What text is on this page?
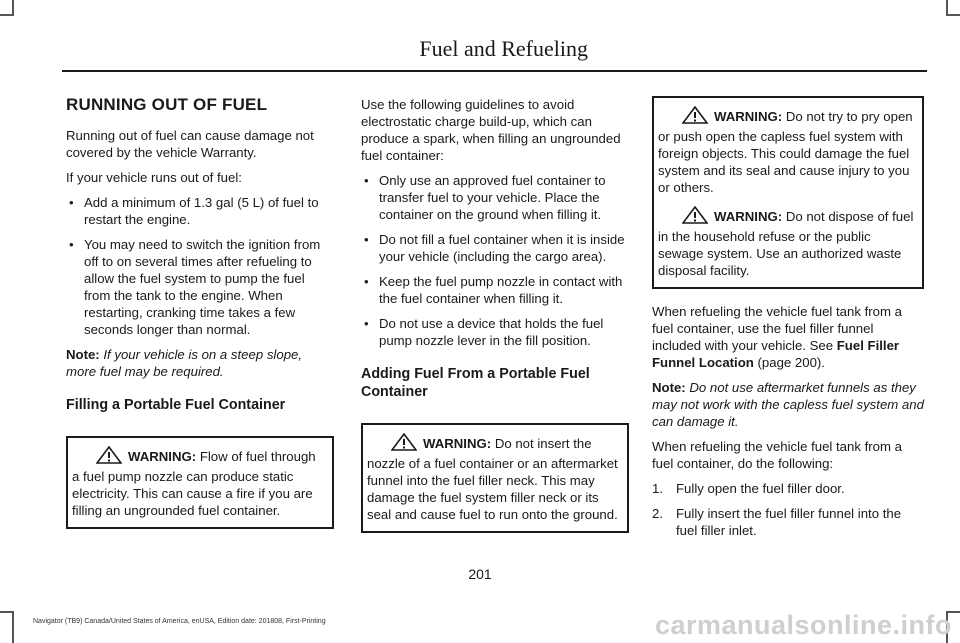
Fuel and Refueling
RUNNING OUT OF FUEL

Running out of fuel can cause damage not covered by the vehicle Warranty.

If your vehicle runs out of fuel:

• Add a minimum of 1.3 gal (5 L) of fuel to restart the engine.
• You may need to switch the ignition from off to on several times after refueling to allow the fuel system to pump the fuel from the tank to the engine. When restarting, cranking time takes a few seconds longer than normal.

Note: If your vehicle is on a steep slope, more fuel may be required.

Filling a Portable Fuel Container
WARNING: Flow of fuel through a fuel pump nozzle can produce static electricity. This can cause a fire if you are filling an ungrounded fuel container.

Use the following guidelines to avoid electrostatic charge build-up, which can produce a spark, when filling an ungrounded fuel container:

• Only use an approved fuel container to transfer fuel to your vehicle. Place the container on the ground when filling it.
• Do not fill a fuel container when it is inside your vehicle (including the cargo area).
• Keep the fuel pump nozzle in contact with the fuel container when filling it.
• Do not use a device that holds the fuel pump nozzle lever in the fill position.
Adding Fuel From a Portable Fuel Container
WARNING: Do not insert the nozzle of a fuel container or an aftermarket funnel into the fuel filler neck. This may damage the fuel system filler neck or its seal and cause fuel to run onto the ground.
WARNING: Do not try to pry open or push open the capless fuel system with foreign objects. This could damage the fuel system and its seal and cause injury to you or others.
WARNING: Do not dispose of fuel in the household refuse or the public sewage system. Use an authorized waste disposal facility.

When refueling the vehicle fuel tank from a fuel container, use the fuel filler funnel included with your vehicle. See Fuel Filler Funnel Location (page 200).

Note: Do not use aftermarket funnels as they may not work with the capless fuel system and can damage it.

When refueling the vehicle fuel tank from a fuel container, do the following:

1. Fully open the fuel filler door.
2. Fully insert the fuel filler funnel into the fuel filler inlet.
201
Navigator (TB9) Canada/United States of America, enUSA, Edition date: 201808, First-Printing	carmanualsonline.info
